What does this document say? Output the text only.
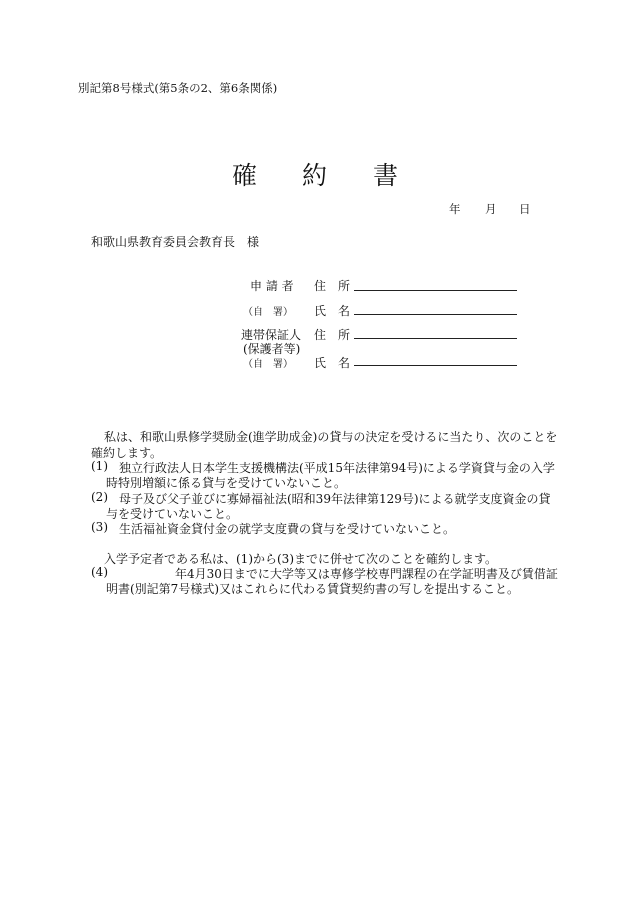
別記第8号様式(第5条の2、第6条関係)
確 約 書
年 月 日
和歌山県教育委員会教育長　様
申 請 者 住　所
（自　署） 氏　名
連帯保証人 住　所
(保護者等)
（自　署） 氏　名
私は、和歌山県修学奨励金(進学助成金)の貸与の決定を受けるに当たり、次のことを
確約します。
(1) 独立行政法人日本学生支援機構法(平成15年法律第94号)による学資貸与金の入学
時特別増額に係る貸与を受けていないこと。
(2) 母子及び父子並びに寡婦福祉法(昭和39年法律第129号)による就学支度資金の貸
与を受けていないこと。
(3) 生活福祉資金貸付金の就学支度費の貸与を受けていないこと。
入学予定者である私は、(1)から(3)までに併せて次のことを確約します。
(4)	年4月30日までに大学等又は専修学校専門課程の在学証明書及び賃借証
明書(別記第7号様式)又はこれらに代わる賃貸契約書の写しを提出すること。
